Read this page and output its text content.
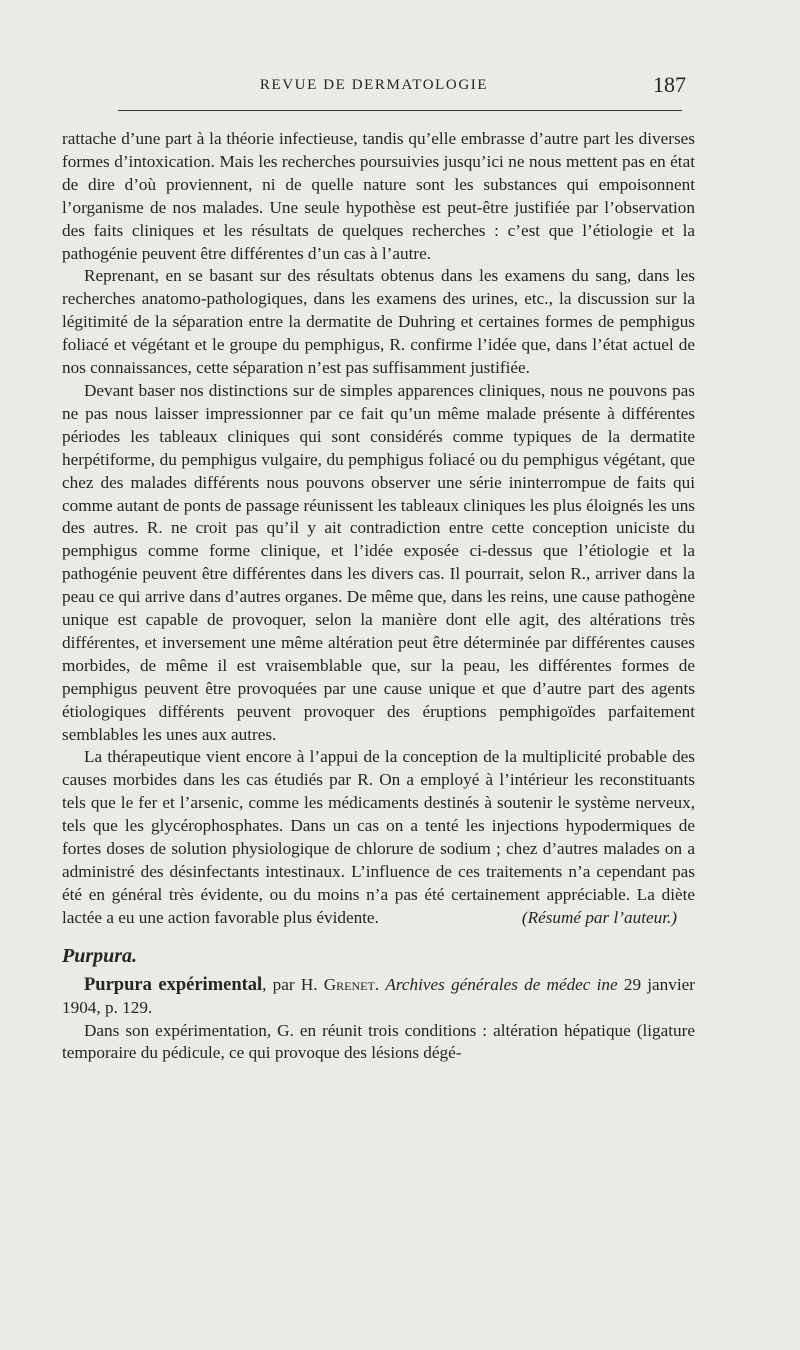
REVUE DE DERMATOLOGIE	187

rattache d’une part à la théorie infectieuse, tandis qu’elle embrasse d’autre part les diverses formes d’intoxication. Mais les recherches poursuivies jusqu’ici ne nous mettent pas en état de dire d’où proviennent, ni de quelle nature sont les substances qui empoisonnent l’organisme de nos malades. Une seule hypothèse est peut-être justifiée par l’observation des faits cliniques et les résultats de quelques recherches : c’est que l’étiologie et la pathogénie peuvent être différentes d’un cas à l’autre.

Reprenant, en se basant sur des résultats obtenus dans les examens du sang, dans les recherches anatomo-pathologiques, dans les examens des urines, etc., la discussion sur la légitimité de la séparation entre la dermatite de Duhring et certaines formes de pemphigus foliacé et végétant et le groupe du pemphigus, R. confirme l’idée que, dans l’état actuel de nos connaissances, cette séparation n’est pas suffisamment justifiée.

Devant baser nos distinctions sur de simples apparences cliniques, nous ne pouvons pas ne pas nous laisser impressionner par ce fait qu’un même malade présente à différentes périodes les tableaux cliniques qui sont considérés comme typiques de la dermatite herpétiforme, du pemphigus vulgaire, du pemphigus foliacé ou du pemphigus végétant, que chez des malades différents nous pouvons observer une série ininterrompue de faits qui comme autant de ponts de passage réunissent les tableaux cliniques les plus éloignés les uns des autres. R. ne croit pas qu’il y ait contradiction entre cette conception uniciste du pemphigus comme forme clinique, et l’idée exposée ci-dessus que l’étiologie et la pathogénie peuvent être différentes dans les divers cas. Il pourrait, selon R., arriver dans la peau ce qui arrive dans d’autres organes. De même que, dans les reins, une cause pathogène unique est capable de provoquer, selon la manière dont elle agit, des altérations très différentes, et inversement une même altération peut être déterminée par différentes causes morbides, de même il est vraisemblable que, sur la peau, les différentes formes de pemphigus peuvent être provoquées par une cause unique et que d’autre part des agents étiologiques différents peuvent provoquer des éruptions pemphigoïdes parfaitement semblables les unes aux autres.

La thérapeutique vient encore à l’appui de la conception de la multiplicité probable des causes morbides dans les cas étudiés par R. On a employé à l’intérieur les reconstituants tels que le fer et l’arsenic, comme les médicaments destinés à soutenir le système nerveux, tels que les glycérophosphates. Dans un cas on a tenté les injections hypodermiques de fortes doses de solution physiologique de chlorure de sodium ; chez d’autres malades on a administré des désinfectants intestinaux. L’influence de ces traitements n’a cependant pas été en général très évidente, ou du moins n’a pas été certainement appréciable. La diète lactée a eu une action favorable plus évidente.	(Résumé par l’auteur.)

Purpura.

Purpura expérimental, par H. Grenet. Archives générales de médec ine 29 janvier 1904, p. 129.

Dans son expérimentation, G. en réunit trois conditions : altération hépatique (ligature temporaire du pédicule, ce qui provoque des lésions dégé-
